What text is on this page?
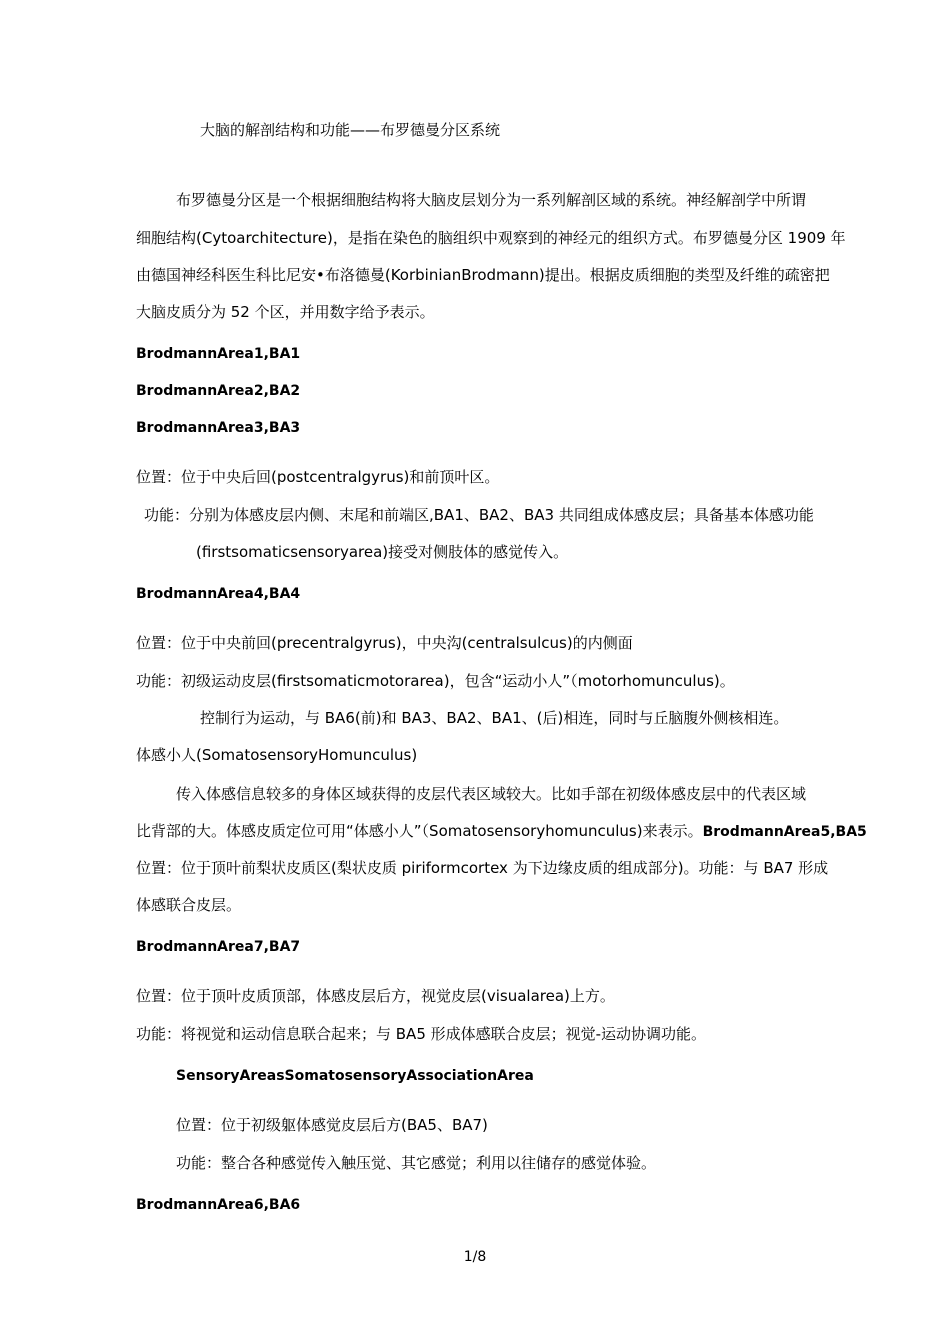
大脑的解剖结构和功能——布罗德曼分区系统
布罗德曼分区是一个根据细胞结构将大脑皮层划分为一系列解剖区域的系统。神经解剖学中所谓
细胞结构(Cytoarchitecture)，是指在染色的脑组织中观察到的神经元的组织方式。布罗德曼分区 1909 年
由德国神经科医生科比尼安•布洛德曼(KorbinianBrodmann)提出。根据皮质细胞的类型及纤维的疏密把
大脑皮质分为 52 个区，并用数字给予表示。
BrodmannArea1,BA1
BrodmannArea2,BA2
BrodmannArea3,BA3
位置：位于中央后回(postcentralgyrus)和前顶叶区。
功能：分别为体感皮层内侧、末尾和前端区,BA1、BA2、BA3 共同组成体感皮层；具备基本体感功能
(firstsomaticsensoryarea)接受对侧肢体的感觉传入。
BrodmannArea4,BA4
位置：位于中央前回(precentralgyrus)，中央沟(centralsulcus)的内侧面
功能：初级运动皮层(firstsomaticmotorarea)，包含“运动小人”（motorhomunculus)。
控制行为运动，与 BA6(前)和 BA3、BA2、BA1、(后)相连，同时与丘脑腹外侧核相连。
体感小人(SomatosensoryHomunculus)
传入体感信息较多的身体区域获得的皮层代表区域较大。比如手部在初级体感皮层中的代表区域
比背部的大。体感皮质定位可用“体感小人”（Somatosensoryhomunculus)来表示。BrodmannArea5,BA5
位置：位于顶叶前梨状皮质区(梨状皮质 piriformcortex 为下边缘皮质的组成部分)。功能：与 BA7 形成
体感联合皮层。
BrodmannArea7,BA7
位置：位于顶叶皮质顶部，体感皮层后方，视觉皮层(visualarea)上方。
功能：将视觉和运动信息联合起来；与 BA5 形成体感联合皮层；视觉-运动协调功能。
SensoryAreasSomatosensoryAssociationArea
位置：位于初级躯体感觉皮层后方(BA5、BA7)
功能：整合各种感觉传入触压觉、其它感觉；利用以往储存的感觉体验。
BrodmannArea6,BA6
1/8
